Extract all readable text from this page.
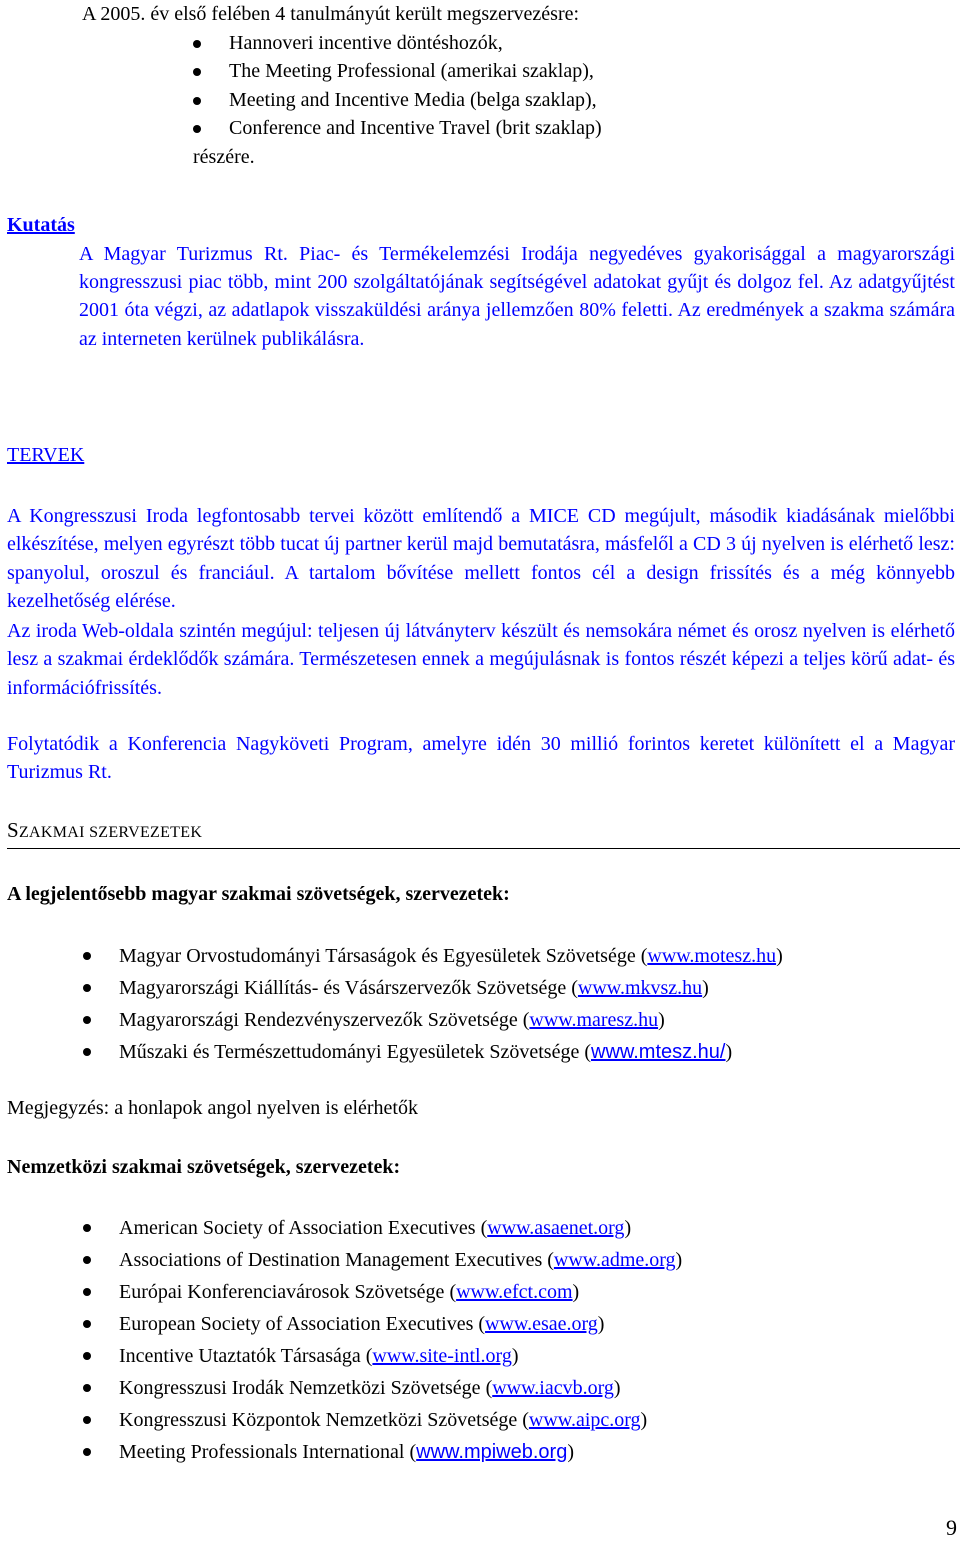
A 2005. év első felében 4 tanulmányút került megszervezésre:

Hannoveri incentive döntéshozók,
The Meeting Professional (amerikai szaklap),
Meeting and Incentive Media (belga szaklap),
Conference and Incentive Travel (brit szaklap)

részére.

Kutatás

A Magyar Turizmus Rt. Piac- és Termékelemzési Irodája negyedéves gyakorisággal a magyarországi kongresszusi piac több, mint 200 szolgáltatójának segítségével adatokat gyűjt és dolgoz fel. Az adatgyűjtést 2001 óta végzi, az adatlapok visszaküldési aránya jellemzően 80% feletti. Az eredmények a szakma számára az interneten kerülnek publikálásra.

TERVEK

A Kongresszusi Iroda legfontosabb tervei között említendő a MICE CD megújult, második kiadásának mielőbbi elkészítése, melyen egyrészt több tucat új partner kerül majd bemutatásra, másfelől a CD 3 új nyelven is elérhető lesz: spanyolul, oroszul és franciául. A tartalom bővítése mellett fontos cél a design frissítés és a még könnyebb kezelhetőség elérése.

Az iroda Web-oldala szintén megújul: teljesen új látványterv készült és nemsokára német és orosz nyelven is elérhető lesz a szakmai érdeklődők számára. Természetesen ennek a megújulásnak is fontos részét képezi a teljes körű adat- és információfrissítés.

Folytatódik a Konferencia Nagyköveti Program, amelyre idén 30 millió forintos keretet különített el a Magyar Turizmus Rt.

SZAKMAI SZERVEZETEK
A legjelentősebb magyar szakmai szövetségek, szervezetek:
Magyar Orvostudományi Társaságok és Egyesületek Szövetsége (www.motesz.hu)
Magyarországi Kiállítás- és Vásárszervezők Szövetsége (www.mkvsz.hu)
Magyarországi Rendezvényszervezők Szövetsége (www.maresz.hu)
Műszaki és Természettudományi Egyesületek Szövetsége (www.mtesz.hu/)
Megjegyzés: a honlapok angol nyelven is elérhetők
Nemzetközi szakmai szövetségek, szervezetek:
American Society of Association Executives (www.asaenet.org)
Associations of Destination Management Executives (www.adme.org)
Európai Konferenciavárosok Szövetsége (www.efct.com)
European Society of Association Executives (www.esae.org)
Incentive Utaztatók Társasága (www.site-intl.org)
Kongresszusi Irodák Nemzetközi Szövetsége (www.iacvb.org)
Kongresszusi Központok Nemzetközi Szövetsége (www.aipc.org)
Meeting Professionals International (www.mpiweb.org)
9
